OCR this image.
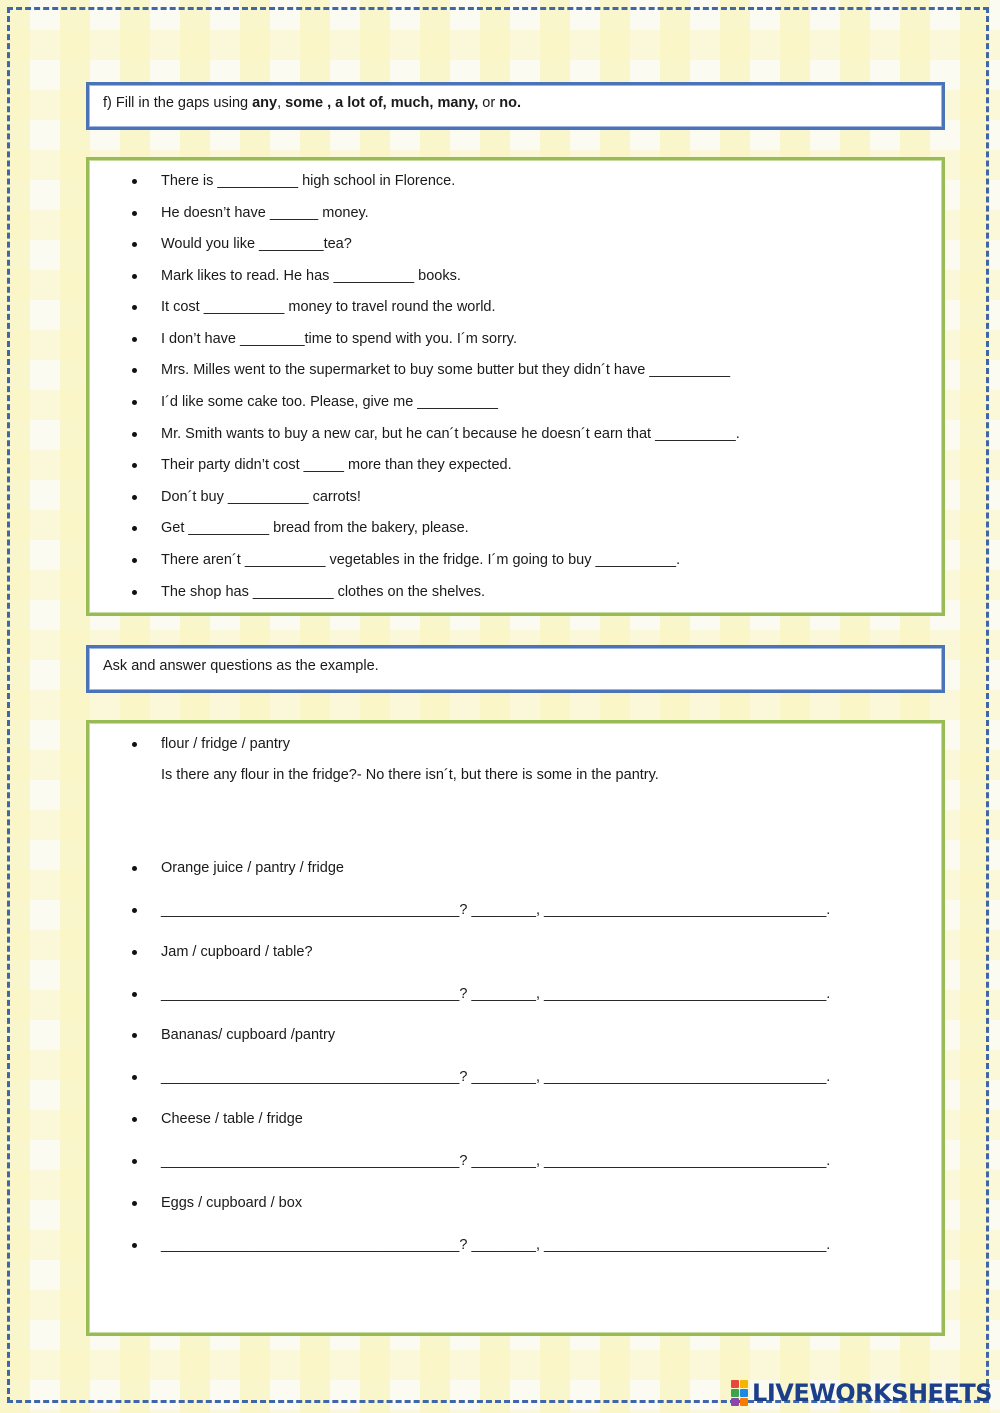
f) Fill in the gaps using any, some , a lot of, much, many, or no.
There is __________ high school in Florence.
He doesn’t have ______ money.
Would you like ________tea?
Mark likes to read. He has __________ books.
It cost __________ money to travel round the world.
I don’t have ________time to spend with you. I´m sorry.
Mrs. Milles went to the supermarket to buy some butter but they didn´t have __________
I´d like some cake too. Please, give me __________
Mr. Smith wants to buy a new car, but he can´t because he doesn´t earn that __________.
Their party didn’t cost _____ more than they expected.
Don´t buy __________ carrots!
Get __________ bread from the bakery, please.
There aren´t __________ vegetables in the fridge. I´m going to buy __________.
The shop has __________ clothes on the shelves.
Ask and answer questions as the example.
flour / fridge / pantry
Is there any flour in the fridge?- No there isn´t, but there is some in the pantry.
Orange juice / pantry / fridge
_____________________________________? ________, ___________________________________.
Jam / cupboard / table?
_____________________________________? ________, ___________________________________.
Bananas/ cupboard /pantry
_____________________________________? ________, ___________________________________.
Cheese / table / fridge
_____________________________________? ________, ___________________________________.
Eggs / cupboard / box
_____________________________________? ________, ___________________________________.
LIVEWORKSHEETS
